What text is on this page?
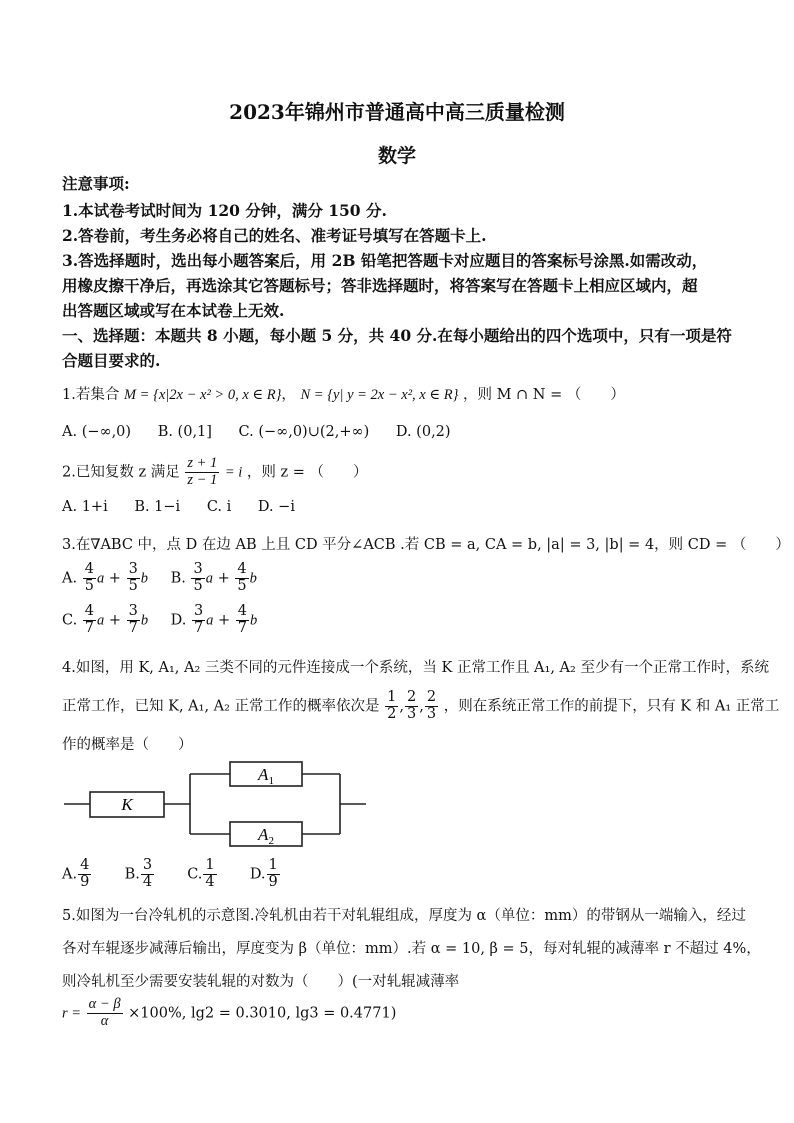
2023年锦州市普通高中高三质量检测
数学
注意事项:
1.本试卷考试时间为 120 分钟，满分 150 分.
2.答卷前，考生务必将自己的姓名、准考证号填写在答题卡上.
3.答选择题时，选出每小题答案后，用 2B 铅笔把答题卡对应题目的答案标号涂黑.如需改动，
用橡皮擦干净后，再选涂其它答题标号；答非选择题时，将答案写在答题卡上相应区域内，超
出答题区域或写在本试卷上无效.
一、选择题：本题共 8 小题，每小题 5 分，共 40 分.在每小题给出的四个选项中，只有一项是符
合题目要求的.
1.若集合 M = {x|2x − x² > 0, x ∈ R}， N = {y| y = 2x − x², x ∈ R} ，则 M ∩ N = （　　）
A. (−∞,0) B. (0,1] C. (−∞,0)∪(2,+∞) D. (0,2)
2.已知复数 z 满足 $\frac{z + 1}{z - 1} = i$ ，则 z = （　　）
A. 1+i B. 1−i C. i D. −i
3.在∇ABC 中，点 D 在边 AB 上且 CD 平分∠ACB .若 CB = a, CA = b, |a| = 3, |b| = 4，则 CD = （　　）
A. $\frac{4}{5}$ $a + \frac{3}{5}$ b B. $\frac{3}{5}$ $a + \frac{4}{5}$ b
C. $\frac{4}{7}$ $a + \frac{3}{7}$ b D. $\frac{3}{7}$ $a + \frac{4}{7}$ b
4.如图，用 K, A₁, A₂ 三类不同的元件连接成一个系统，当 K 正常工作且 A₁, A₂ 至少有一个正常工作时，系统
正常工作，已知 K, A₁, A₂ 正常工作的概率依次是 $\frac{1}{2}$ , $\frac{2}{3}$ , $\frac{2}{3}$ ，则在系统正常工作的前提下，只有 K 和 A₁ 正常工
作的概率是（　　）
K
$A_1$
$A_2$
A. $\frac{4}{9} B$. $\frac{3}{4} C$. $\frac{1}{4} D$. $\frac{1}{9}$
5.如图为一台冷轧机的示意图.冷轧机由若干对轧辊组成，厚度为 α（单位：mm）的带钢从一端输入，经过
各对车辊逐步减薄后输出，厚度变为 β（单位：mm）.若 α = 10, β = 5，每对轧辊的减薄率 r 不超过 4%，
则冷轧机至少需要安装轧辊的对数为（　　）(一对轧辊减薄率
$r = \frac{\alpha - \beta}{\alpha} \times 100\%$, lg2 = 0.3010, lg3 = 0.4771)
